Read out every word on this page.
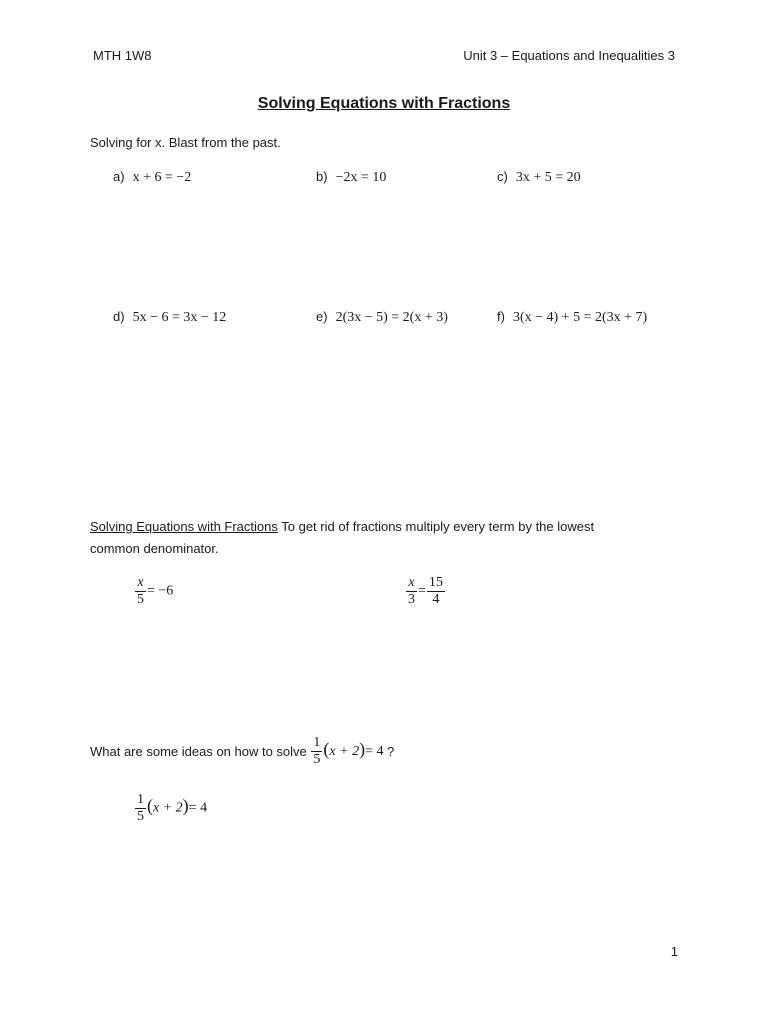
MTH 1W8	Unit 3 – Equations and Inequalities 3
Solving Equations with Fractions
Solving for x. Blast from the past.
a) x + 6 = −2	b) −2x = 10	c) 3x + 5 = 20
d) 5x − 6 = 3x − 12	e) 2(3x − 5) = 2(x + 3)	f) 3(x − 4) + 5 = 2(3x + 7)
Solving Equations with Fractions To get rid of fractions multiply every term by the lowest
common denominator.
$\frac{x}{5} = -6$	$\frac{x}{3} = \frac{15}{4}$
What are some ideas on how to solve $\frac{1}{5} (x + 2)= 4$ ?
$\frac{1}{5} (x + 2)= 4$
1
